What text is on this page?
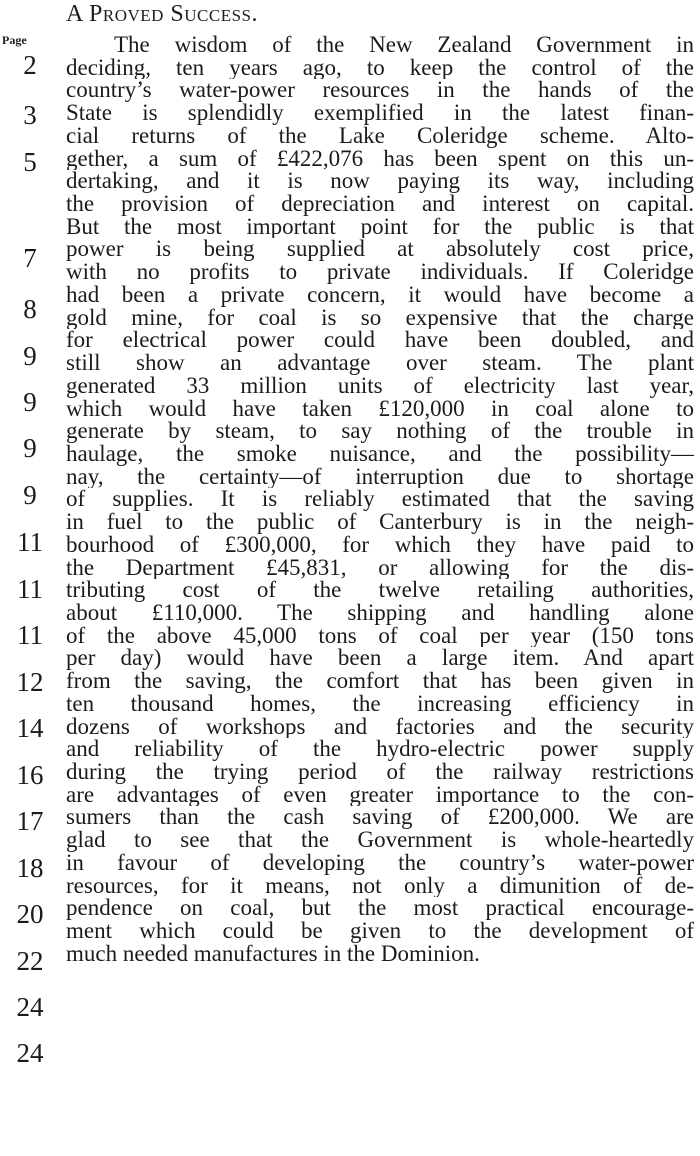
A Proved Success.
Page
2
3
5
7
8
9
9
9
9
11
11
11
12
14
16
17
18
20
22
24
24
The wisdom of the New Zealand Government in
deciding, ten years ago, to keep the control of the
country’s water-power resources in the hands of the
State is splendidly exemplified in the latest finan-
cial returns of the Lake Coleridge scheme. Alto-
gether, a sum of £422,076 has been spent on this un-
dertaking, and it is now paying its way, including
the provision of depreciation and interest on capital.
But the most important point for the public is that
power is being supplied at absolutely cost price,
with no profits to private individuals. If Coleridge
had been a private concern, it would have become a
gold mine, for coal is so expensive that the charge
for electrical power could have been doubled, and
still show an advantage over steam. The plant
generated 33 million units of electricity last year,
which would have taken £120,000 in coal alone to
generate by steam, to say nothing of the trouble in
haulage, the smoke nuisance, and the possibility—
nay, the certainty—of interruption due to shortage
of supplies. It is reliably estimated that the saving
in fuel to the public of Canterbury is in the neigh-
bourhood of £300,000, for which they have paid to
the Department £45,831, or allowing for the dis-
tributing cost of the twelve retailing authorities,
about £110,000. The shipping and handling alone
of the above 45,000 tons of coal per year (150 tons
per day) would have been a large item. And apart
from the saving, the comfort that has been given in
ten thousand homes, the increasing efficiency in
dozens of workshops and factories and the security
and reliability of the hydro-electric power supply
during the trying period of the railway restrictions
are advantages of even greater importance to the con-
sumers than the cash saving of £200,000. We are
glad to see that the Government is whole-heartedly
in favour of developing the country’s water-power
resources, for it means, not only a dimunition of de-
pendence on coal, but the most practical encourage-
ment which could be given to the development of
much needed manufactures in the Dominion.
